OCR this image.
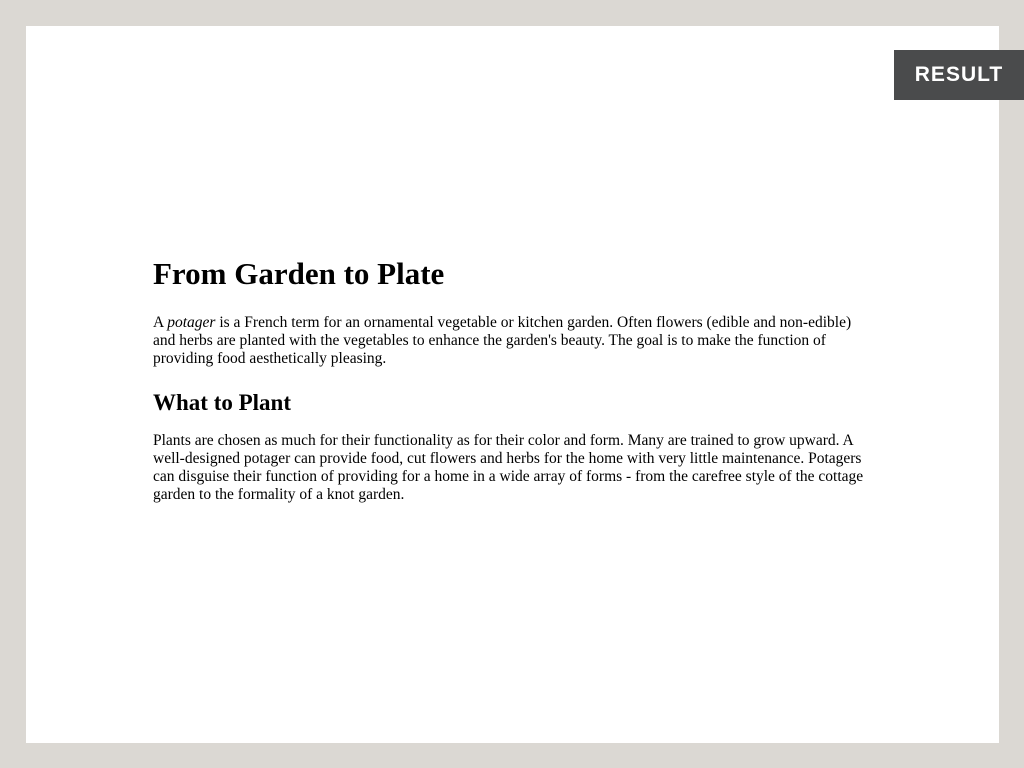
RESULT
From Garden to Plate

A potager is a French term for an ornamental vegetable or kitchen garden. Often flowers (edible and non-edible) and herbs are planted with the vegetables to enhance the garden's beauty. The goal is to make the function of providing food aesthetically pleasing.

What to Plant

Plants are chosen as much for their functionality as for their color and form. Many are trained to grow upward. A well-designed potager can provide food, cut flowers and herbs for the home with very little maintenance. Potagers can disguise their function of providing for a home in a wide array of forms - from the carefree style of the cottage garden to the formality of a knot garden.
